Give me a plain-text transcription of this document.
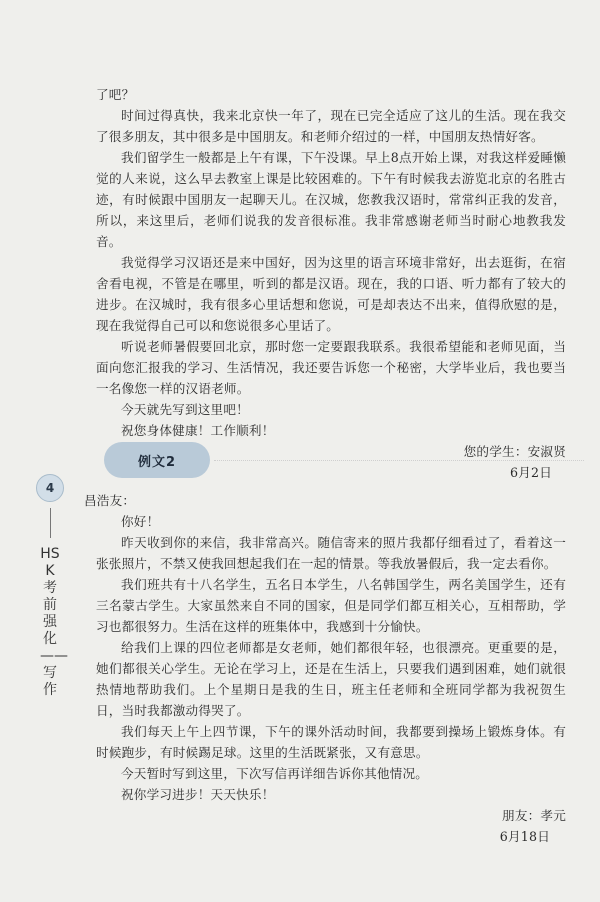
了吧？

时间过得真快，我来北京快一年了，现在已完全适应了这儿的生活。现在我交了很多朋友，其中很多是中国朋友。和老师介绍过的一样，中国朋友热情好客。

我们留学生一般都是上午有课，下午没课。早上8点开始上课，对我这样爱睡懒觉的人来说，这么早去教室上课是比较困难的。下午有时候我去游览北京的名胜古迹，有时候跟中国朋友一起聊天儿。在汉城，您教我汉语时，常常纠正我的发音，所以，来这里后，老师们说我的发音很标准。我非常感谢老师当时耐心地教我发音。

我觉得学习汉语还是来中国好，因为这里的语言环境非常好，出去逛街，在宿舍看电视，不管是在哪里，听到的都是汉语。现在，我的口语、听力都有了较大的进步。在汉城时，我有很多心里话想和您说，可是却表达不出来，值得欣慰的是，现在我觉得自己可以和您说很多心里话了。

听说老师暑假要回北京，那时您一定要跟我联系。我很希望能和老师见面，当面向您汇报我的学习、生活情况，我还要告诉您一个秘密，大学毕业后，我也要当一名像您一样的汉语老师。

今天就先写到这里吧！

祝您身体健康！工作顺利！

您的学生：安淑贤

6月2日

例文2
4
HSK考前强化——写作

昌浩友：

你好！

昨天收到你的来信，我非常高兴。随信寄来的照片我都仔细看过了，看着这一张张照片，不禁又使我回想起我们在一起的情景。等我放暑假后，我一定去看你。

我们班共有十八名学生，五名日本学生，八名韩国学生，两名美国学生，还有三名蒙古学生。大家虽然来自不同的国家，但是同学们都互相关心，互相帮助，学习也都很努力。生活在这样的班集体中，我感到十分愉快。

给我们上课的四位老师都是女老师，她们都很年轻，也很漂亮。更重要的是，她们都很关心学生。无论在学习上，还是在生活上，只要我们遇到困难，她们就很热情地帮助我们。上个星期日是我的生日，班主任老师和全班同学都为我祝贺生日，当时我都激动得哭了。

我们每天上午上四节课，下午的课外活动时间，我都要到操场上锻炼身体。有时候跑步，有时候踢足球。这里的生活既紧张，又有意思。

今天暂时写到这里，下次写信再详细告诉你其他情况。

祝你学习进步！天天快乐！

朋友：孝元

6月18日
